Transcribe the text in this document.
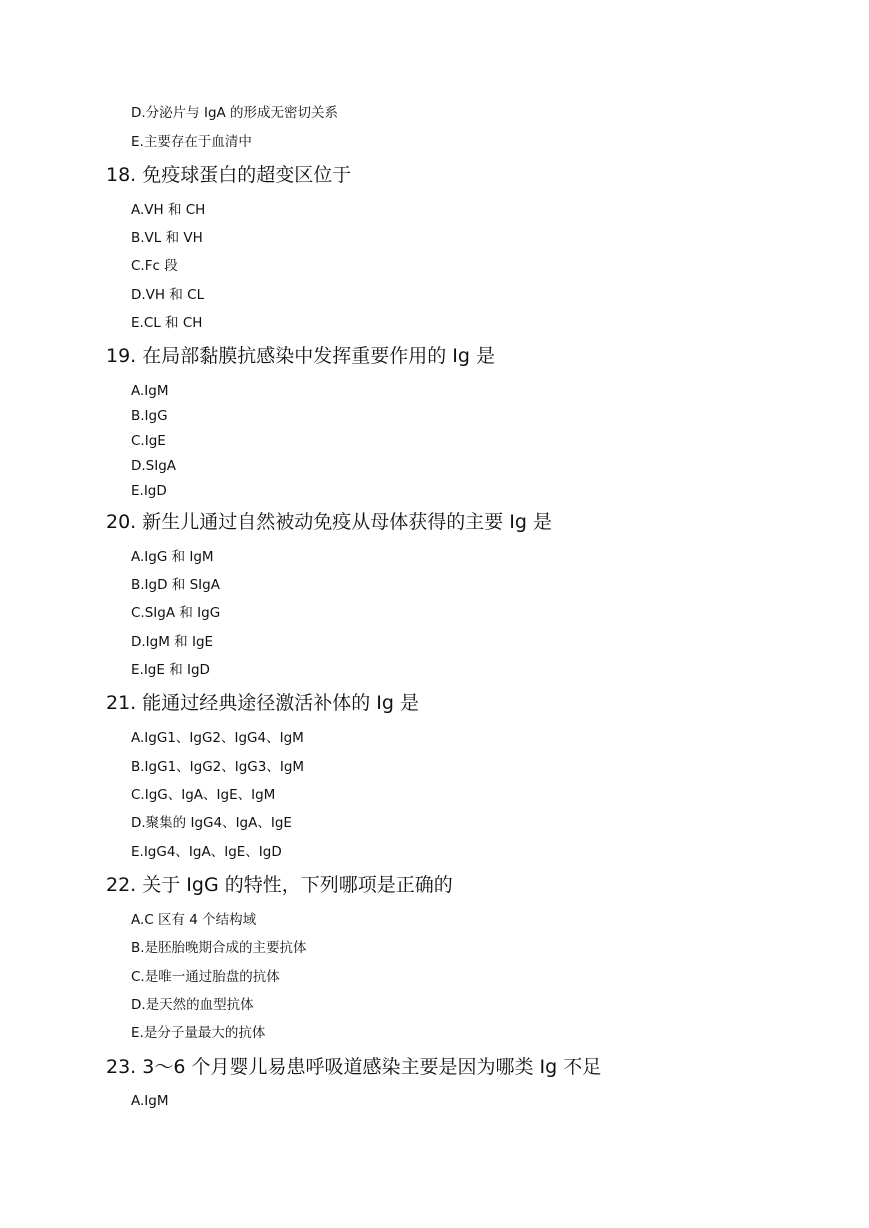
D.分泌片与 IgA 的形成无密切关系
E.主要存在于血清中
18. 免疫球蛋白的超变区位于
A.VH 和 CH
B.VL 和 VH
C.Fc 段
D.VH 和 CL
E.CL 和 CH
19. 在局部黏膜抗感染中发挥重要作用的 Ig 是
A.IgM
B.IgG
C.IgE
D.SIgA
E.IgD
20. 新生儿通过自然被动免疫从母体获得的主要 Ig 是
A.IgG 和 IgM
B.IgD 和 SIgA
C.SIgA 和 IgG
D.IgM 和 IgE
E.IgE 和 IgD
21. 能通过经典途径激活补体的 Ig 是
A.IgG1、IgG2、IgG4、IgM
B.IgG1、IgG2、IgG3、IgM
C.IgG、IgA、IgE、IgM
D.聚集的 IgG4、IgA、IgE
E.IgG4、IgA、IgE、IgD
22. 关于 IgG 的特性，下列哪项是正确的
A.C 区有 4 个结构域
B.是胚胎晚期合成的主要抗体
C.是唯一通过胎盘的抗体
D.是天然的血型抗体
E.是分子量最大的抗体
23. 3～6 个月婴儿易患呼吸道感染主要是因为哪类 Ig 不足
A.IgM
